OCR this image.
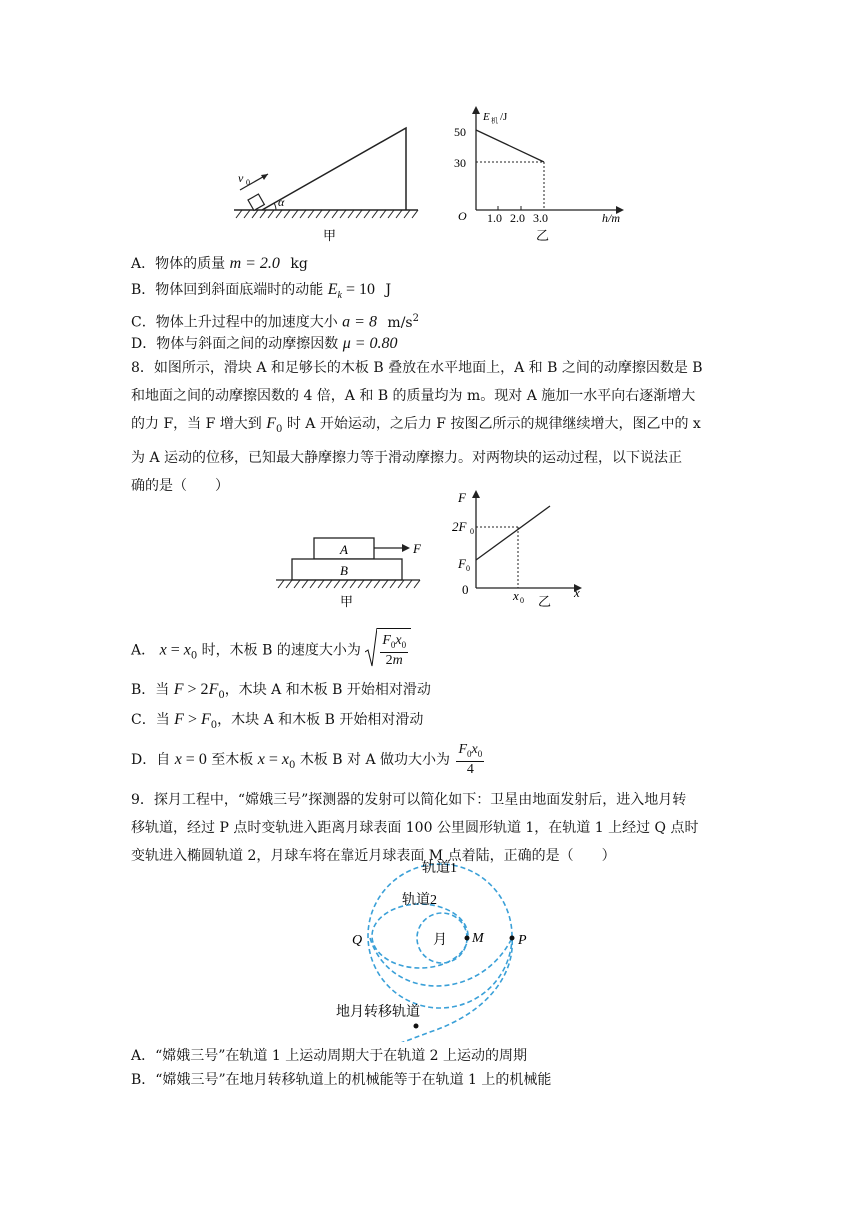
v 0
α
甲
E 机 /J
50
30
O 1.0 2.0 3.0	h/m
乙
A．物体的质量 m = 2.0 kg
B．物体回到斜面底端时的动能 $E_k = 10$ J
C．物体上升过程中的加速度大小 a = 8 $m/s^2$
D．物体与斜面之间的动摩擦因数 μ = 0.80
8．如图所示，滑块 A 和足够长的木板 B 叠放在水平地面上，A 和 B 之间的动摩擦因数是 B
和地面之间的动摩擦因数的 4 倍，A 和 B 的质量均为 m。现对 A 施加一水平向右逐渐增大
的力 F，当 F 增大到 $F_0$ 时 A 开始运动，之后力 F 按图乙所示的规律继续增大，图乙中的 x
为 A 运动的位移，已知最大静摩擦力等于滑动摩擦力。对两物块的运动过程，以下说法正
确的是（　　）
A
B
F
甲
F
2F 0
F 0
0	x 0
x
乙
A． $x = x_0$ 时，木板 B 的速度大小为 $\frac{F_0x_0}{2m}$
B．当 $F > 2F_0$，木块 A 和木板 B 开始相对滑动
C．当 $F > F_0$，木块 A 和木板 B 开始相对滑动
D．自 x = 0 至木板 $x = x_0$ 木板 B 对 A 做功大小为 $\frac{F_0x_0}{4}$
9．探月工程中，“嫦娥三号”探测器的发射可以简化如下：卫星由地面发射后，进入地月转
移轨道，经过 P 点时变轨进入距离月球表面 100 公里圆形轨道 1，在轨道 1 上经过 Q 点时
变轨进入椭圆轨道 2，月球车将在靠近月球表面 M 点着陆，正确的是（　　）
轨道1
轨道2
月 M P
Q
地月转移轨道
A．“嫦娥三号”在轨道 1 上运动周期大于在轨道 2 上运动的周期
B．“嫦娥三号”在地月转移轨道上的机械能等于在轨道 1 上的机械能
